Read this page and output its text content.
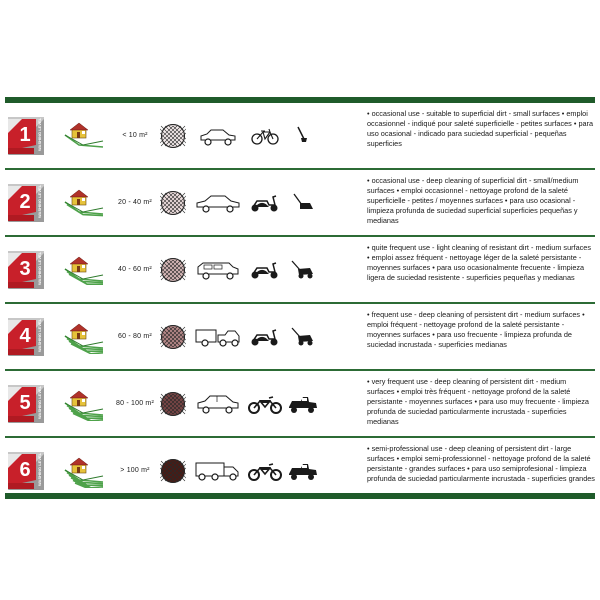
1 WASHING LEVEL	< 10 m²
• occasional use - suitable to superficial dirt - small surfaces • emploi occasionnel - indiqué pour saleté superficielle - petites surfaces • para uso ocasional - indicado para suciedad superficial - pequeñas superficies
2 WASHING LEVEL	20 - 40 m²
• occasional use - deep cleaning of superficial dirt - small/medium surfaces • emploi occasionnel - nettoyage profond de la saleté superficielle - petites / moyennes surfaces • para uso ocasional - limpieza profunda de suciedad superficial superficies pequeñas y medianas
3 WASHING LEVEL	40 - 60 m²
• quite frequent use - light cleaning of resistant dirt - medium surfaces • emploi assez fréquent - nettoyage léger de la saleté persistante - moyennes surfaces • para uso ocasionalmente frecuente - limpieza ligera de suciedad resistente - superficies pequeñas y medianas
4 WASHING LEVEL	60 - 80 m²
• frequent use - deep cleaning of persistent dirt - medium surfaces • emploi fréquent - nettoyage profond de la saleté persistante - moyennes surfaces • para uso frecuente - limpieza profunda de suciedad incrustada - superficies medianas
5 WASHING LEVEL	80 - 100 m²
• very frequent use - deep cleaning of persistent dirt - medium surfaces • emploi très fréquent - nettoyage profond de la saleté persistante - moyennes surfaces • para uso muy frecuente - limpieza profunda de suciedad particularmente incrustada - superficies medianas
6 WASHING LEVEL	> 100 m²
• semi-professional use - deep cleaning of persistent dirt - large surfaces • emploi semi-professionnel - nettoyage profond de la saleté persistante - grandes surfaces • para uso semiprofesional - limpieza profunda de suciedad particularmente incrustada - superficies grandes
